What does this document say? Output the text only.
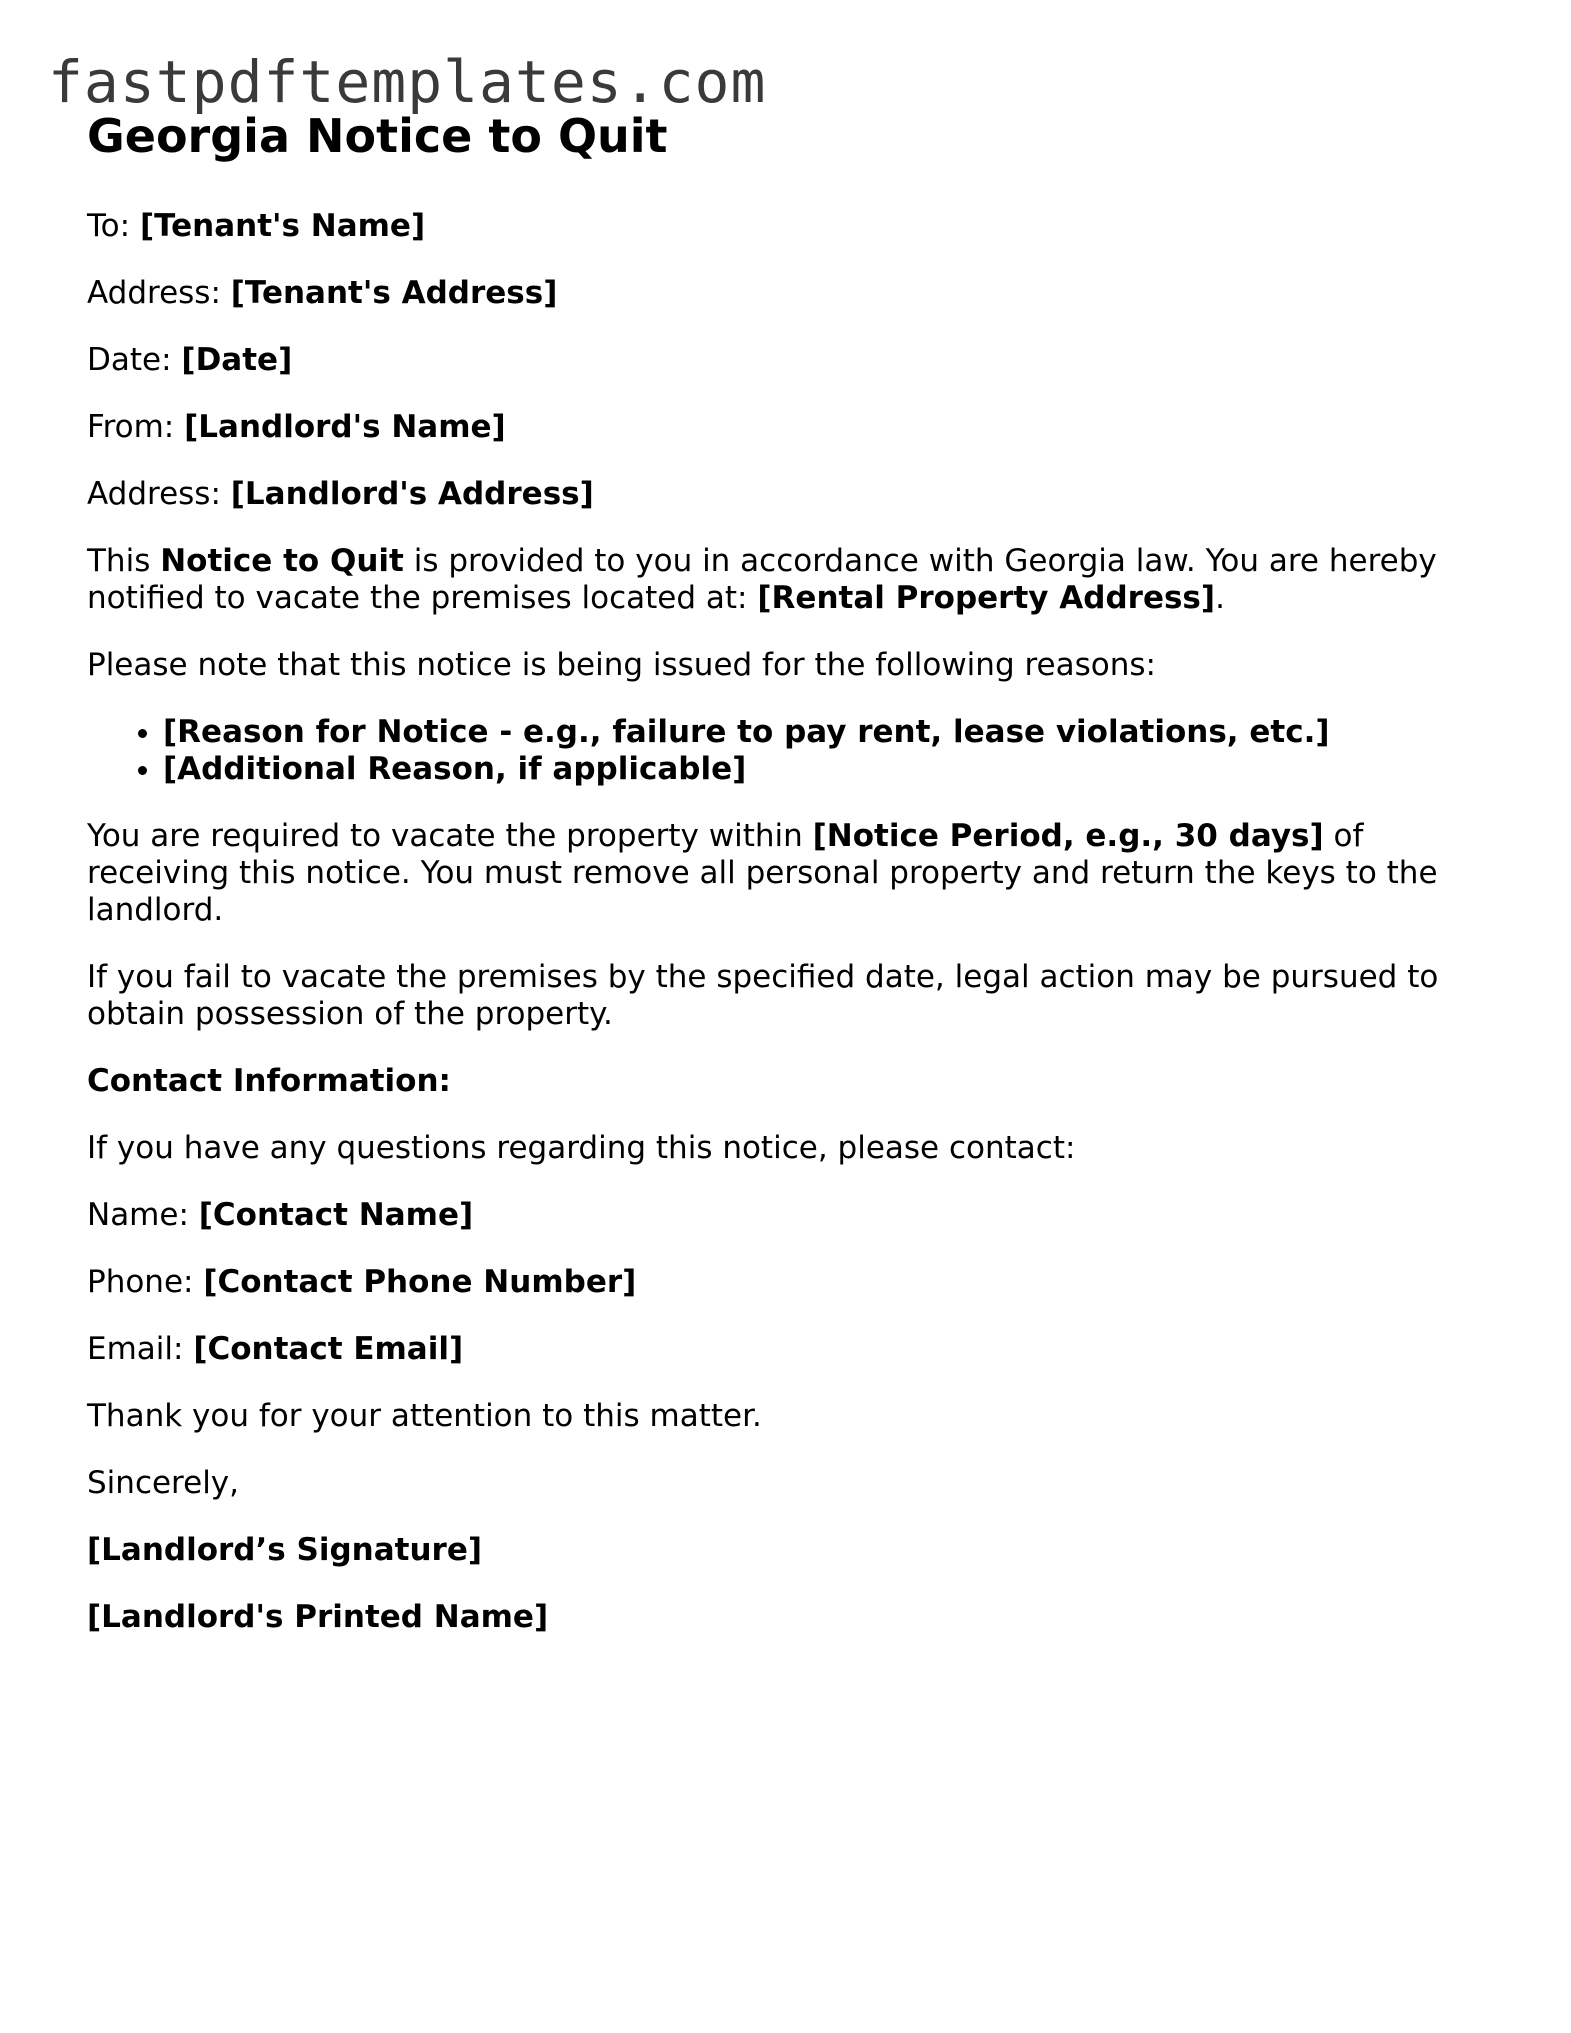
fastpdftemplates.com
Georgia Notice to Quit

To: [Tenant's Name]

Address: [Tenant's Address]

Date: [Date]

From: [Landlord's Name]

Address: [Landlord's Address]

This Notice to Quit is provided to you in accordance with Georgia law. You are hereby notified to vacate the premises located at: [Rental Property Address].

Please note that this notice is being issued for the following reasons:

• [Reason for Notice - e.g., failure to pay rent, lease violations, etc.]
• [Additional Reason, if applicable]

You are required to vacate the property within [Notice Period, e.g., 30 days] of receiving this notice. You must remove all personal property and return the keys to the landlord.

If you fail to vacate the premises by the specified date, legal action may be pursued to obtain possession of the property.

Contact Information:

If you have any questions regarding this notice, please contact:

Name: [Contact Name]

Phone: [Contact Phone Number]

Email: [Contact Email]

Thank you for your attention to this matter.

Sincerely,

[Landlord’s Signature]

[Landlord's Printed Name]
